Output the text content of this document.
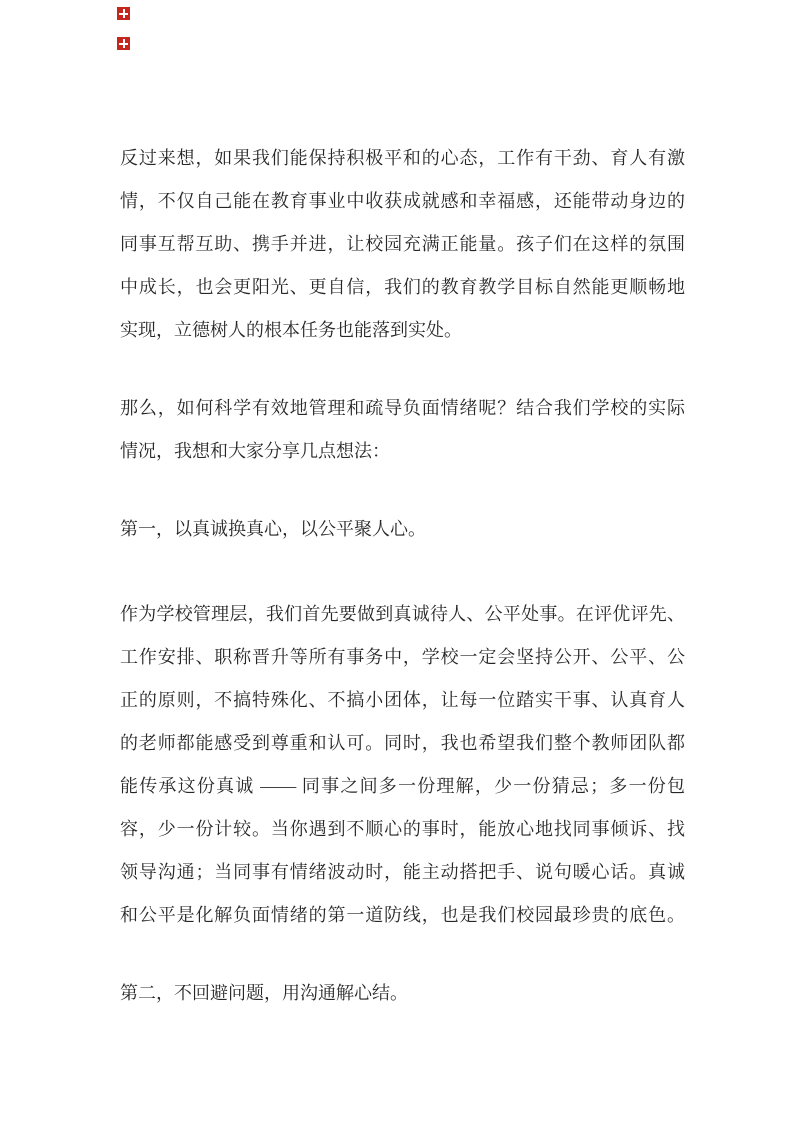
反过来想，如果我们能保持积极平和的心态，工作有干劲、育人有激
情，不仅自己能在教育事业中收获成就感和幸福感，还能带动身边的
同事互帮互助、携手并进，让校园充满正能量。孩子们在这样的氛围
中成长，也会更阳光、更自信，我们的教育教学目标自然能更顺畅地
实现，立德树人的根本任务也能落到实处。
那么，如何科学有效地管理和疏导负面情绪呢？结合我们学校的实际
情况，我想和大家分享几点想法：
第一，以真诚换真心，以公平聚人心。
作为学校管理层，我们首先要做到真诚待人、公平处事。在评优评先、
工作安排、职称晋升等所有事务中，学校一定会坚持公开、公平、公
正的原则，不搞特殊化、不搞小团体，让每一位踏实干事、认真育人
的老师都能感受到尊重和认可。同时，我也希望我们整个教师团队都
能传承这份真诚 —— 同事之间多一份理解，少一份猜忌；多一份包
容，少一份计较。当你遇到不顺心的事时，能放心地找同事倾诉、找
领导沟通；当同事有情绪波动时，能主动搭把手、说句暖心话。真诚
和公平是化解负面情绪的第一道防线，也是我们校园最珍贵的底色。
第二，不回避问题，用沟通解心结。
